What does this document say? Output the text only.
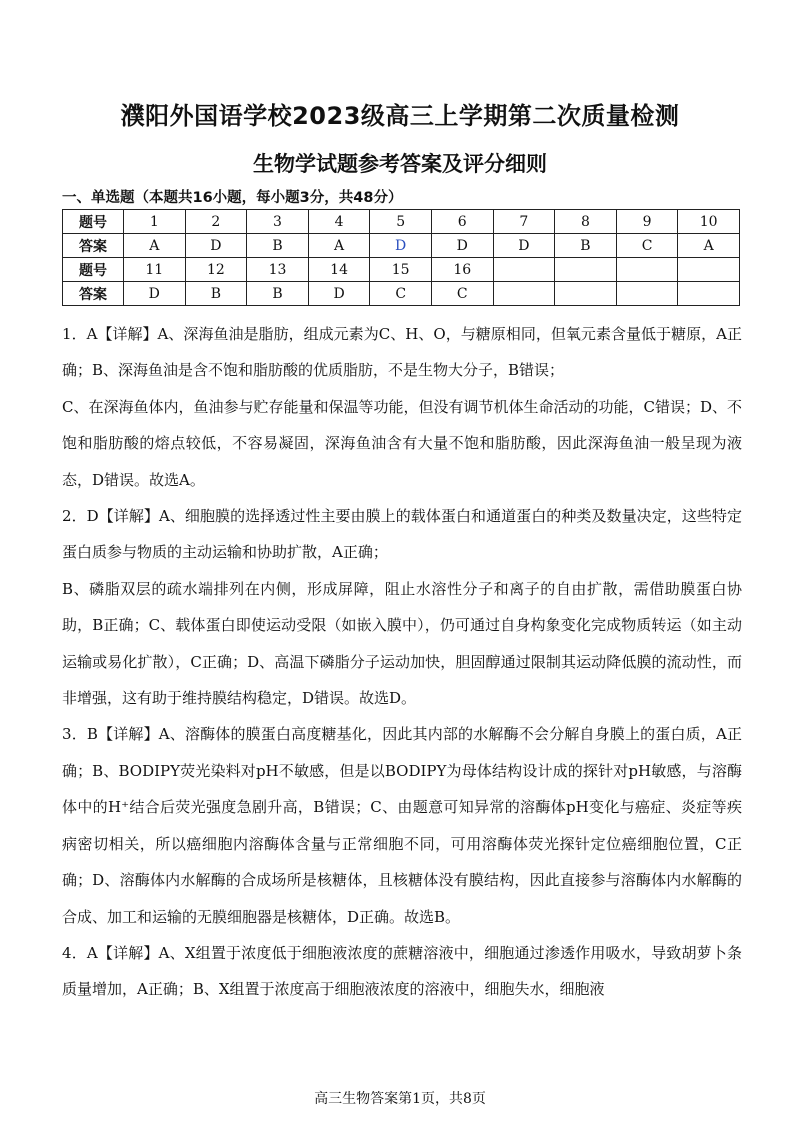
濮阳外国语学校2023级高三上学期第二次质量检测
生物学试题参考答案及评分细则
一、单选题（本题共16小题，每小题3分，共48分）
题号	1	2	3	4	5	6	7	8	9	10
答案	A	D	B	A	D	D	D	B	C	A
题号	11	12	13	14	15	16				
答案	D	B	B	D	C	C				

1．A【详解】A、深海鱼油是脂肪，组成元素为C、H、O，与糖原相同，但氧元素含量低于糖原，A正确；B、深海鱼油是含不饱和脂肪酸的优质脂肪，不是生物大分子，B错误；

C、在深海鱼体内，鱼油参与贮存能量和保温等功能，但没有调节机体生命活动的功能，C错误；D、不饱和脂肪酸的熔点较低，不容易凝固，深海鱼油含有大量不饱和脂肪酸，因此深海鱼油一般呈现为液态，D错误。故选A。

2．D【详解】A、细胞膜的选择透过性主要由膜上的载体蛋白和通道蛋白的种类及数量决定，这些特定蛋白质参与物质的主动运输和协助扩散，A正确；

B、磷脂双层的疏水端排列在内侧，形成屏障，阻止水溶性分子和离子的自由扩散，需借助膜蛋白协助，B正确；C、载体蛋白即使运动受限（如嵌入膜中），仍可通过自身构象变化完成物质转运（如主动运输或易化扩散），C正确；D、高温下磷脂分子运动加快，胆固醇通过限制其运动降低膜的流动性，而非增强，这有助于维持膜结构稳定，D错误。故选D。

3．B【详解】A、溶酶体的膜蛋白高度糖基化，因此其内部的水解酶不会分解自身膜上的蛋白质，A正确；B、BODIPY荧光染料对pH不敏感，但是以BODIPY为母体结构设计成的探针对pH敏感，与溶酶体中的H⁺结合后荧光强度急剧升高，B错误；C、由题意可知异常的溶酶体pH变化与癌症、炎症等疾病密切相关，所以癌细胞内溶酶体含量与正常细胞不同，可用溶酶体荧光探针定位癌细胞位置，C正确；D、溶酶体内水解酶的合成场所是核糖体，且核糖体没有膜结构，因此直接参与溶酶体内水解酶的合成、加工和运输的无膜细胞器是核糖体，D正确。故选B。

4．A【详解】A、X组置于浓度低于细胞液浓度的蔗糖溶液中，细胞通过渗透作用吸水，导致胡萝卜条质量增加，A正确；B、X组置于浓度高于细胞液浓度的溶液中，细胞失水，细胞液

高三生物答案第1页，共8页
